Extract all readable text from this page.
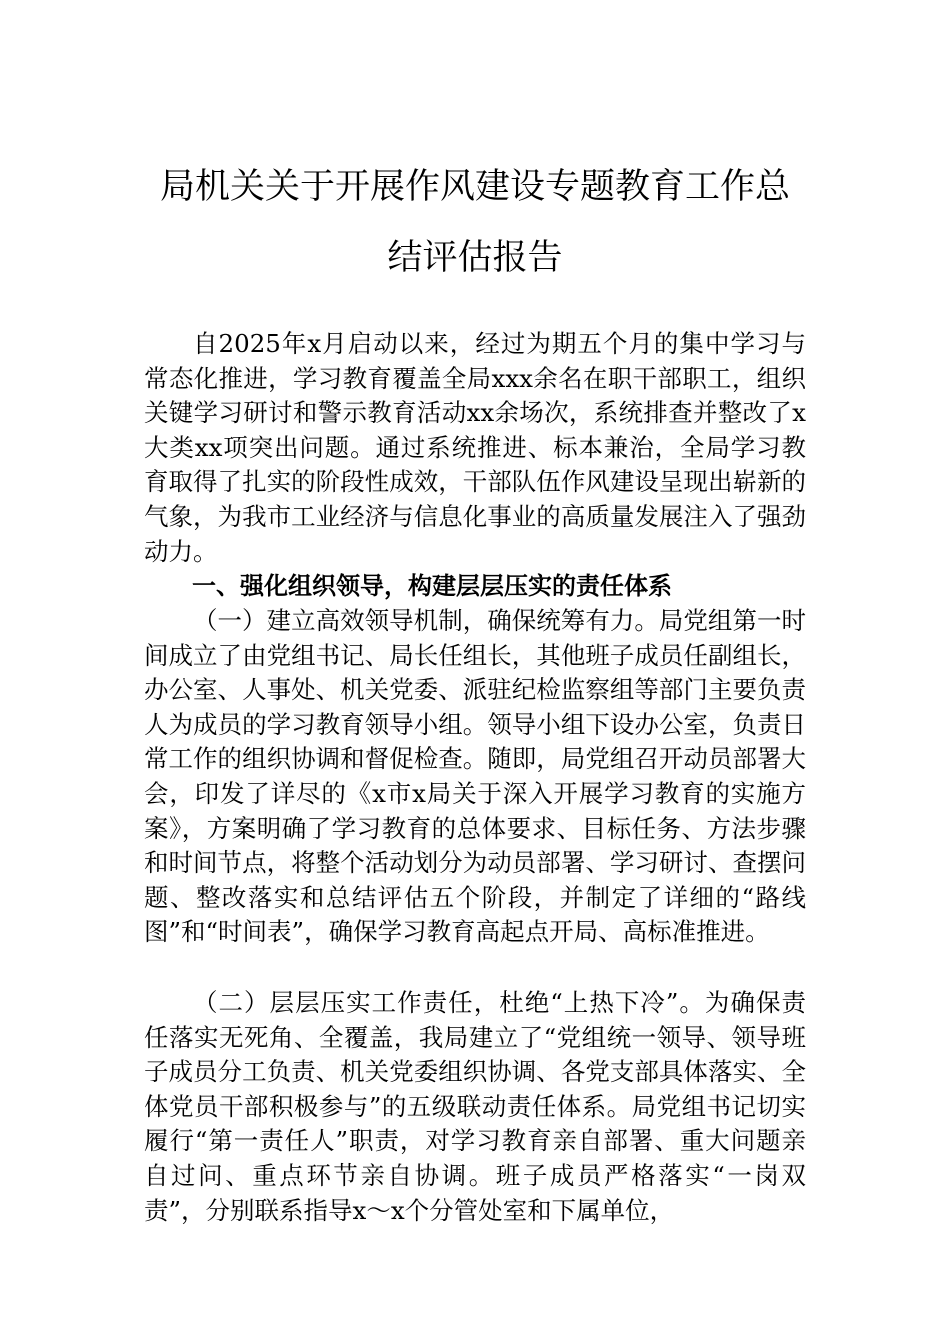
局机关关于开展作风建设专题教育工作总
结评估报告

自2025年x月启动以来，经过为期五个月的集中学习与常态化推进，学习教育覆盖全局xxx余名在职干部职工，组织关键学习研讨和警示教育活动xx余场次，系统排查并整改了x大类xx项突出问题。通过系统推进、标本兼治，全局学习教育取得了扎实的阶段性成效，干部队伍作风建设呈现出崭新的气象，为我市工业经济与信息化事业的高质量发展注入了强劲动力。

一、强化组织领导，构建层层压实的责任体系

（一）建立高效领导机制，确保统筹有力。局党组第一时间成立了由党组书记、局长任组长，其他班子成员任副组长，办公室、人事处、机关党委、派驻纪检监察组等部门主要负责人为成员的学习教育领导小组。领导小组下设办公室，负责日常工作的组织协调和督促检查。随即，局党组召开动员部署大会，印发了详尽的《x市x局关于深入开展学习教育的实施方案》，方案明确了学习教育的总体要求、目标任务、方法步骤和时间节点，将整个活动划分为动员部署、学习研讨、查摆问题、整改落实和总结评估五个阶段，并制定了详细的“路线图”和“时间表”，确保学习教育高起点开局、高标准推进。

（二）层层压实工作责任，杜绝“上热下冷”。为确保责任落实无死角、全覆盖，我局建立了“党组统一领导、领导班子成员分工负责、机关党委组织协调、各党支部具体落实、全体党员干部积极参与”的五级联动责任体系。局党组书记切实履行“第一责任人”职责，对学习教育亲自部署、重大问题亲自过问、重点环节亲自协调。班子成员严格落实“一岗双责”，分别联系指导x～x个分管处室和下属单位，
